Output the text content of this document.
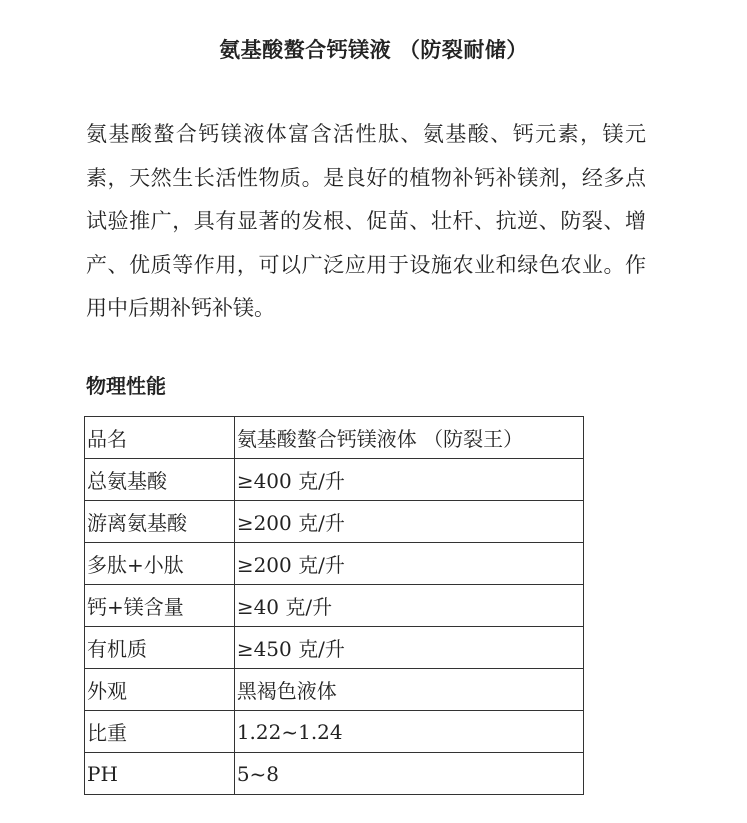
氨基酸螯合钙镁液 （防裂耐储）

氨基酸螯合钙镁液体富含活性肽、氨基酸、钙元素，镁元素，天然生长活性物质。是良好的植物补钙补镁剂，经多点试验推广，具有显著的发根、促苗、壮杆、抗逆、防裂、增产、优质等作用，可以广泛应用于设施农业和绿色农业。作用中后期补钙补镁。

物理性能
品名	氨基酸螯合钙镁液体 （防裂王）
总氨基酸	≥400 克/升
游离氨基酸	≥200 克/升
多肽+小肽	≥200 克/升
钙+镁含量	≥40 克/升
有机质	≥450 克/升
外观	黑褐色液体
比重	1.22~1.24
PH	5~8
